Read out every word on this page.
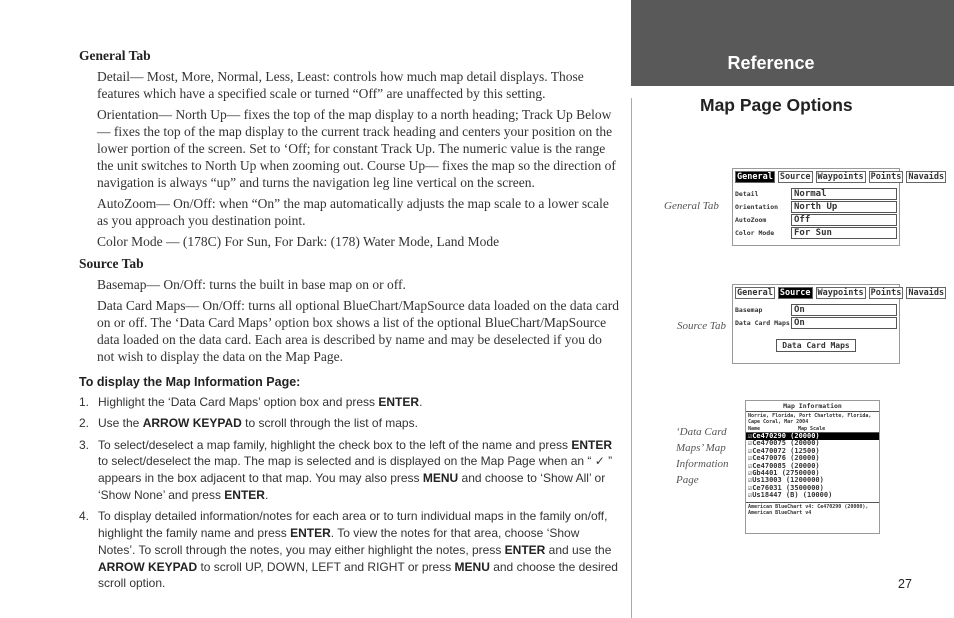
General Tab
Detail— Most, More, Normal, Less, Least: controls how much map detail displays. Those features which have a specified scale or turned “Off” are unaffected by this setting.
Orientation— North Up— fixes the top of the map display to a north heading; Track Up Below— fixes the top of the map display to the current track heading and centers your position on the lower portion of the screen. Set to ‘Off; for constant Track Up. The numeric value is the range the unit switches to North Up when zooming out. Course Up— fixes the map so the direction of navigation is always “up” and turns the navigation leg line vertical on the screen.
AutoZoom— On/Off: when “On” the map automatically adjusts the map scale to a lower scale as you approach you destination point.
Color Mode — (178C) For Sun, For Dark: (178) Water Mode, Land Mode
Source Tab
Basemap— On/Off: turns the built in base map on or off.
Data Card Maps— On/Off: turns all optional BlueChart/MapSource data loaded on the data card on or off. The ‘Data Card Maps’ option box shows a list of the optional BlueChart/MapSource data loaded on the data card. Each area is described by name and may be deselected if you do not wish to display the data on the Map Page.
To display the Map Information Page:
1. Highlight the ‘Data Card Maps’ option box and press ENTER.
2. Use the ARROW KEYPAD to scroll through the list of maps.
3. To select/deselect a map family, highlight the check box to the left of the name and press ENTER to select/deselect the map. The map is selected and is displayed on the Map Page when an “ ✓ ” appears in the box adjacent to that map. You may also press MENU and choose to ‘Show All’ or ‘Show None’ and press ENTER.
4. To display detailed information/notes for each area or to turn individual maps in the family on/off, highlight the family name and press ENTER. To view the notes for that area, choose ‘Show Notes’. To scroll through the notes, you may either highlight the notes, press ENTER and use the ARROW KEYPAD to scroll UP, DOWN, LEFT and RIGHT or press MENU and choose the desired scroll option.
Reference
Map Page Options
General Tab
General Source Waypoints Points Navaids
Detail	Normal
Orientation	North Up
AutoZoom	Off
Color Mode	For Sun
Source Tab
General Source Waypoints Points Navaids
Basemap	On
Data Card Maps On
Data Card Maps
‘Data Card
Maps’ Map
Information
Page
Map Information
Norrie, Florida, Port Charlotte, Florida, Cape Coral, Mar 2004
Name	Map Scale
☑Ce470290 (20000)
☑Ce470075 (20000)
☑Ce470072 (12500)
☑Ce470076 (20000)
☑Ce470085 (20000)
☑Gb4401 (2750000)
☑Us13003 (1200000)
☑Ce76031 (3500000)
☑Us18447 (B) (10000)
American BlueChart v4: Ce470290 (20000), American BlueChart v4
27
